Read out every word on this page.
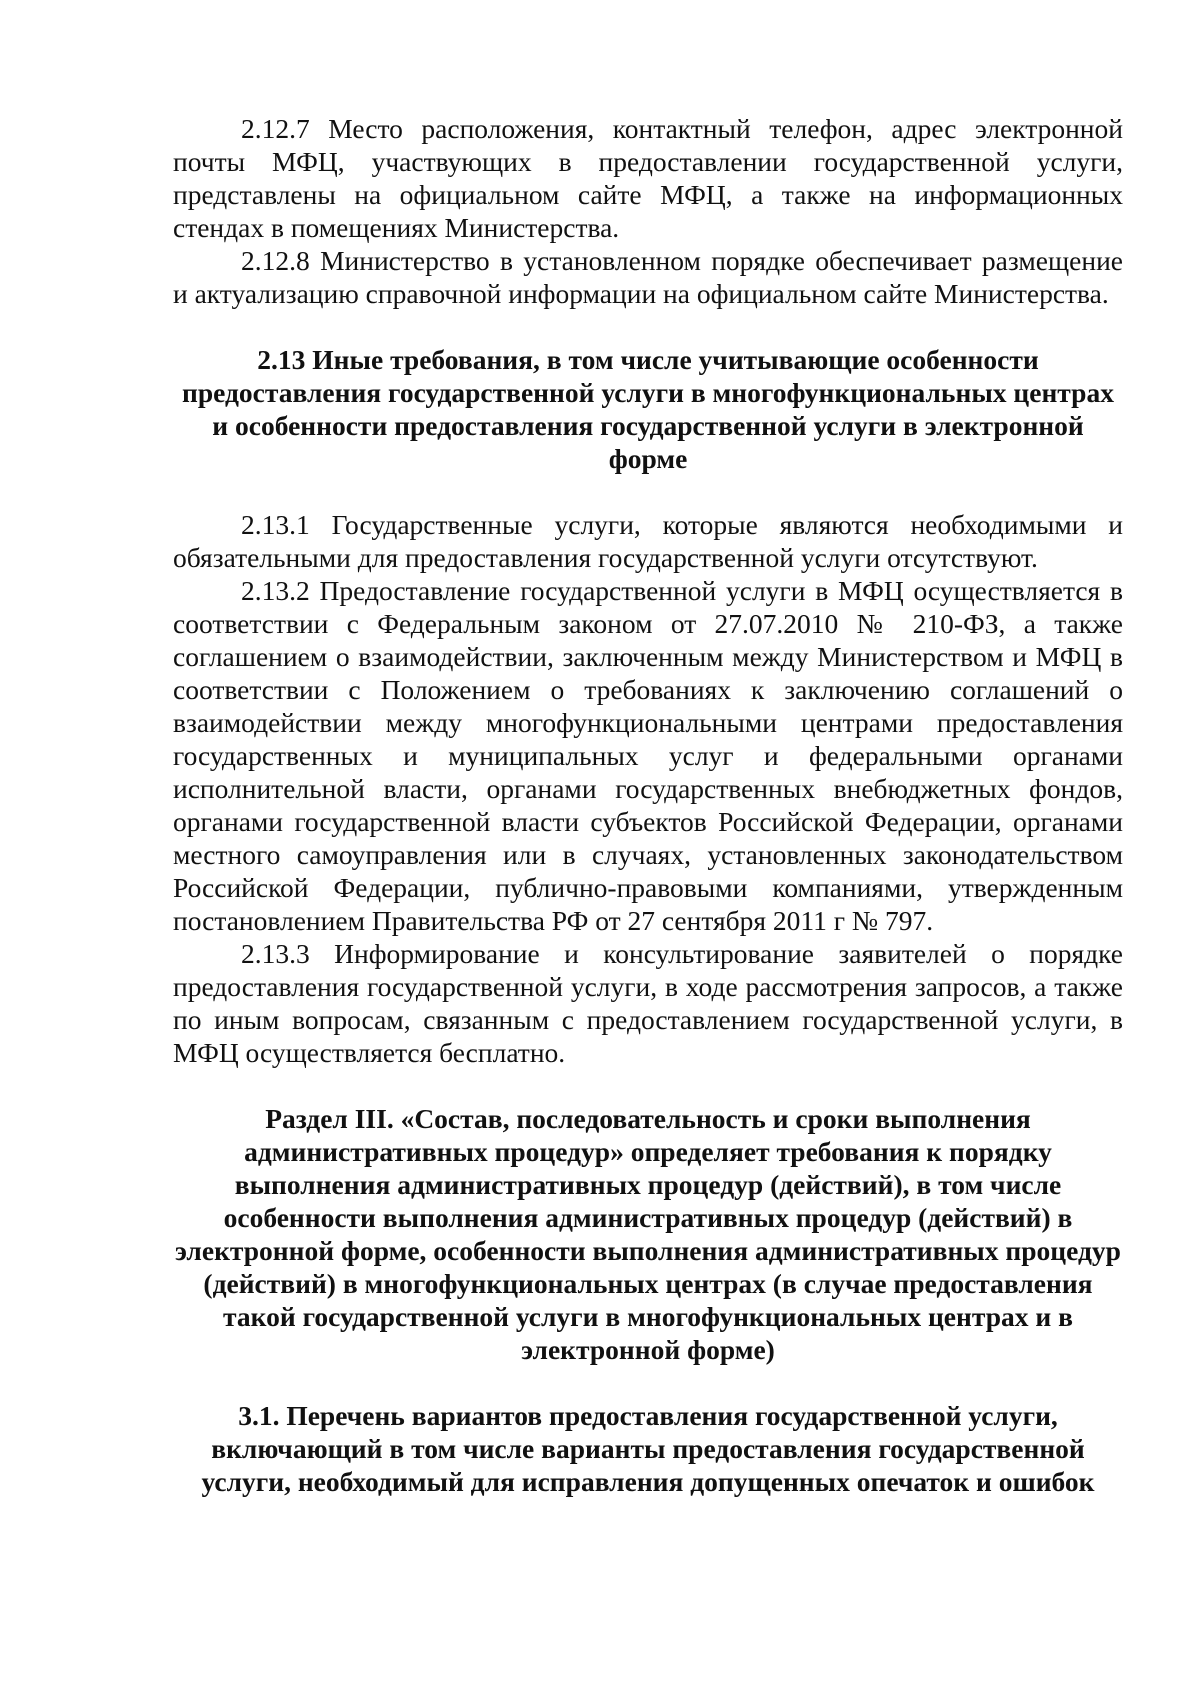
2.12.7 Место расположения, контактный телефон, адрес электронной почты МФЦ, участвующих в предоставлении государственной услуги, представлены на официальном сайте МФЦ, а также на информационных стендах в помещениях Министерства.

2.12.8 Министерство в установленном порядке обеспечивает размещение и актуализацию справочной информации на официальном сайте Министерства.

2.13 Иные требования, в том числе учитывающие особенности предоставления государственной услуги в многофункциональных центрах и особенности предоставления государственной услуги в электронной форме

2.13.1 Государственные услуги, которые являются необходимыми и обязательными для предоставления государственной услуги отсутствуют.

2.13.2 Предоставление государственной услуги в МФЦ осуществляется в соответствии с Федеральным законом от 27.07.2010 № 210-ФЗ, а также соглашением о взаимодействии, заключенным между Министерством и МФЦ в соответствии с Положением о требованиях к заключению соглашений о взаимодействии между многофункциональными центрами предоставления государственных и муниципальных услуг и федеральными органами исполнительной власти, органами государственных внебюджетных фондов, органами государственной власти субъектов Российской Федерации, органами местного самоуправления или в случаях, установленных законодательством Российской Федерации, публично-правовыми компаниями, утвержденным постановлением Правительства РФ от 27 сентября 2011 г № 797.

2.13.3 Информирование и консультирование заявителей о порядке предоставления государственной услуги, в ходе рассмотрения запросов, а также по иным вопросам, связанным с предоставлением государственной услуги, в МФЦ осуществляется бесплатно.

Раздел III. «Состав, последовательность и сроки выполнения административных процедур» определяет требования к порядку выполнения административных процедур (действий), в том числе особенности выполнения административных процедур (действий) в электронной форме, особенности выполнения административных процедур (действий) в многофункциональных центрах (в случае предоставления такой государственной услуги в многофункциональных центрах и в электронной форме)
3.1. Перечень вариантов предоставления государственной услуги, включающий в том числе варианты предоставления государственной услуги, необходимый для исправления допущенных опечаток и ошибок
